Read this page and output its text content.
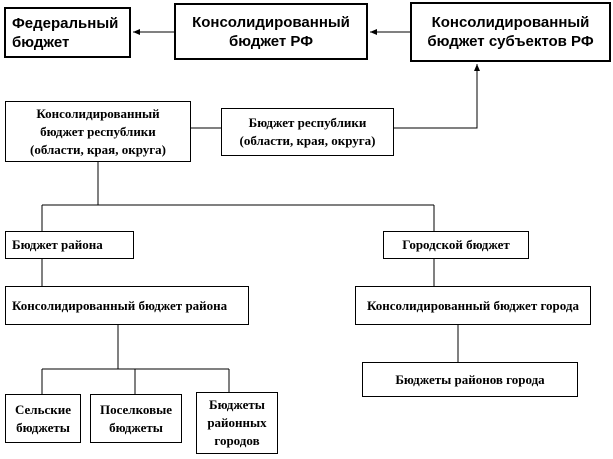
Федеральный
бюджет
Консолидированный
бюджет РФ
Консолидированный
бюджет субъектов РФ
Консолидированный
бюджет республики
(области, края, округа)
Бюджет республики
(области, края, округа)
Бюджет района	Городской бюджет
Консолидированный бюджет района	Консолидированный бюджет города
Бюджеты районов города
Сельские
бюджеты
Поселковые
бюджеты
Бюджеты
районных
городов
